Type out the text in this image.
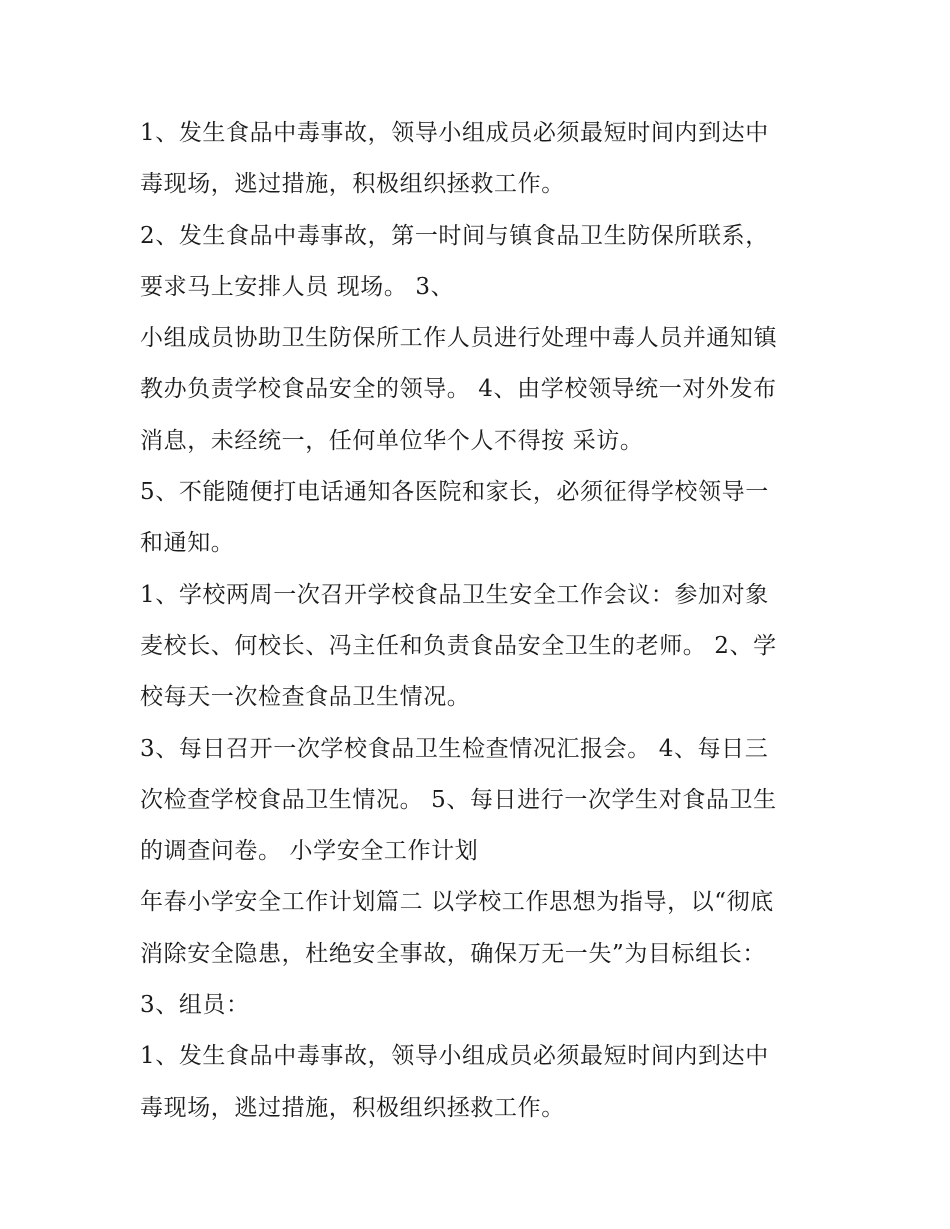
1、发生食品中毒事故，领导小组成员必须最短时间内到达中
毒现场，逃过措施，积极组织拯救工作。
2、发生食品中毒事故，第一时间与镇食品卫生防保所联系，
要求马上安排人员 现场。 3、
小组成员协助卫生防保所工作人员进行处理中毒人员并通知镇
教办负责学校食品安全的领导。 4、由学校领导统一对外发布
消息，未经统一，任何单位华个人不得按 采访。
5、不能随便打电话通知各医院和家长，必须征得学校领导一
和通知。
1、学校两周一次召开学校食品卫生安全工作会议：参加对象
麦校长、何校长、冯主任和负责食品安全卫生的老师。 2、学
校每天一次检查食品卫生情况。
3、每日召开一次学校食品卫生检查情况汇报会。 4、每日三
次检查学校食品卫生情况。 5、每日进行一次学生对食品卫生
的调查问卷。 小学安全工作计划
年春小学安全工作计划篇二 以学校工作思想为指导，以“彻底
消除安全隐患，杜绝安全事故，确保万无一失”为目标组长：
3、组员：
1、发生食品中毒事故，领导小组成员必须最短时间内到达中
毒现场，逃过措施，积极组织拯救工作。
